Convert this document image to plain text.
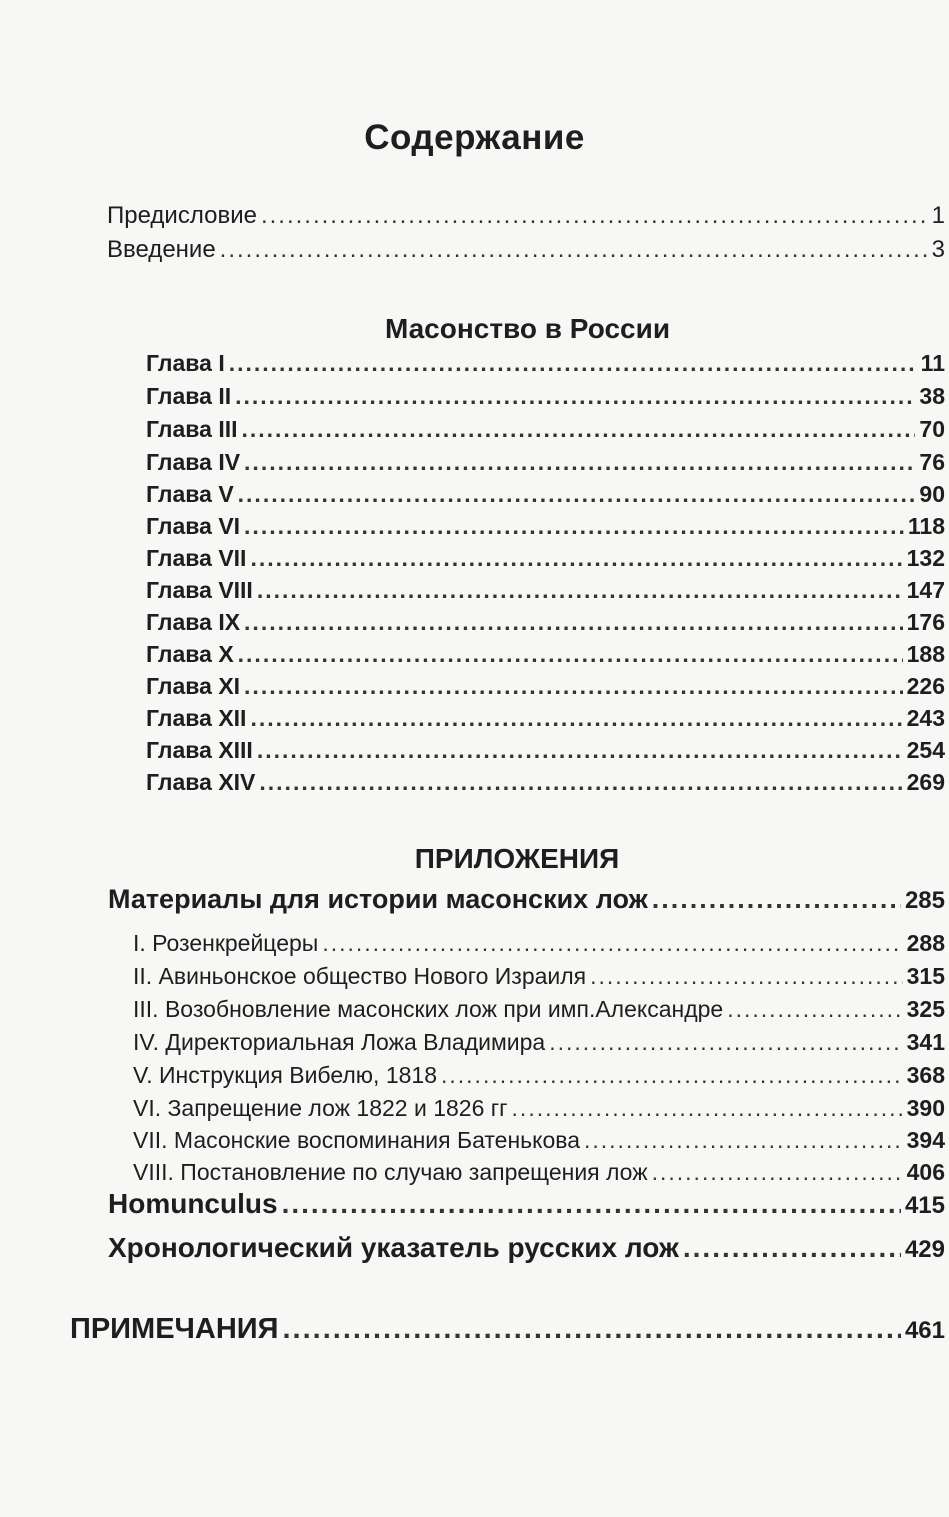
Содержание
Предисловие .....	1
Введение .....	3
Масонство в России
Глава I .....	11
Глава II .....	38
Глава III .....	70
Глава IV .....	76
Глава V .....	90
Глава VI .....	118
Глава VII .....	132
Глава VIII .....	147
Глава IX .....	176
Глава X .....	188
Глава XI .....	226
Глава XII .....	243
Глава XIII .....	254
Глава XIV .....	269
ПРИЛОЖЕНИЯ
Материалы для истории масонских лож .....	285
I. Розенкрейцеры .....	288
II. Авиньонское общество Нового Израиля .....	315
III. Возобновление масонских лож при имп.Александре .....	325
IV. Директориальная Ложа Владимира .....	341
V. Инструкция Вибелю, 1818 .....	368
VI. Запрещение лож 1822 и 1826 гг .....	390
VII. Масонские воспоминания Батенькова .....	394
VIII. Постановление по случаю запрещения лож .....	406
Homunculus .....	415
Хронологический указатель русских лож .....	429
ПРИМЕЧАНИЯ .....	461
